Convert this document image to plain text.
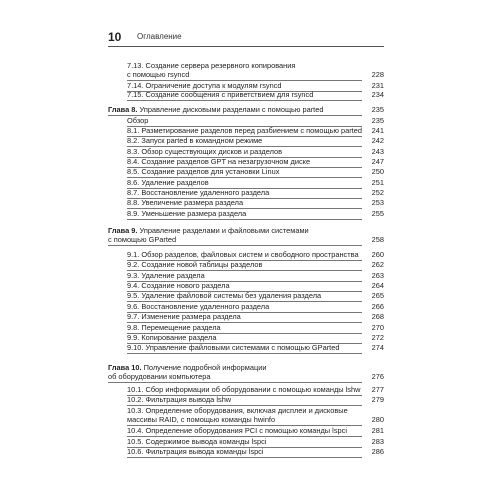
10 Оглавление
7.13. Создание сервера резервного копирования
с помощью rsyncd	228
7.14. Ограничение доступа к модулям rsyncd	231
7.15. Создание сообщения с приветствием для rsyncd	234
Глава 8. Управление дисковыми разделами с помощью parted	235
Обзор	235
8.1. Разметирование разделов перед разбиением с помощью parted	241
8.2. Запуск parted в командном режиме	242
8.3. Обзор существующих дисков и разделов	243
8.4. Создание разделов GPT на незагрузочном диске	247
8.5. Создание разделов для установки Linux	250
8.6. Удаление разделов	251
8.7. Восстановление удаленного раздела	252
8.8. Увеличение размера раздела	253
8.9. Уменьшение размера раздела	255
Глава 9. Управление разделами и файловыми системами
с помощью GParted	258
9.1. Обзор разделов, файловых систем и свободного пространства	260
9.2. Создание новой таблицы разделов	262
9.3. Удаление раздела	263
9.4. Создание нового раздела	264
9.5. Удаление файловой системы без удаления раздела	265
9.6. Восстановление удаленного раздела	266
9.7. Изменение размера раздела	268
9.8. Перемещение раздела	270
9.9. Копирование раздела	272
9.10. Управление файловыми системами с помощью GParted	274
Глава 10. Получение подробной информации
об оборудовании компьютера	276
10.1. Сбор информации об оборудовании с помощью команды lshw	277
10.2. Фильтрация вывода lshw	279
10.3. Определение оборудования, включая дисплеи и дисковые
массивы RAID, с помощью команды hwinfo	280
10.4. Определение оборудования PCI с помощью команды lspci	281
10.5. Содержимое вывода команды lspci	283
10.6. Фильтрация вывода команды lspci	286
